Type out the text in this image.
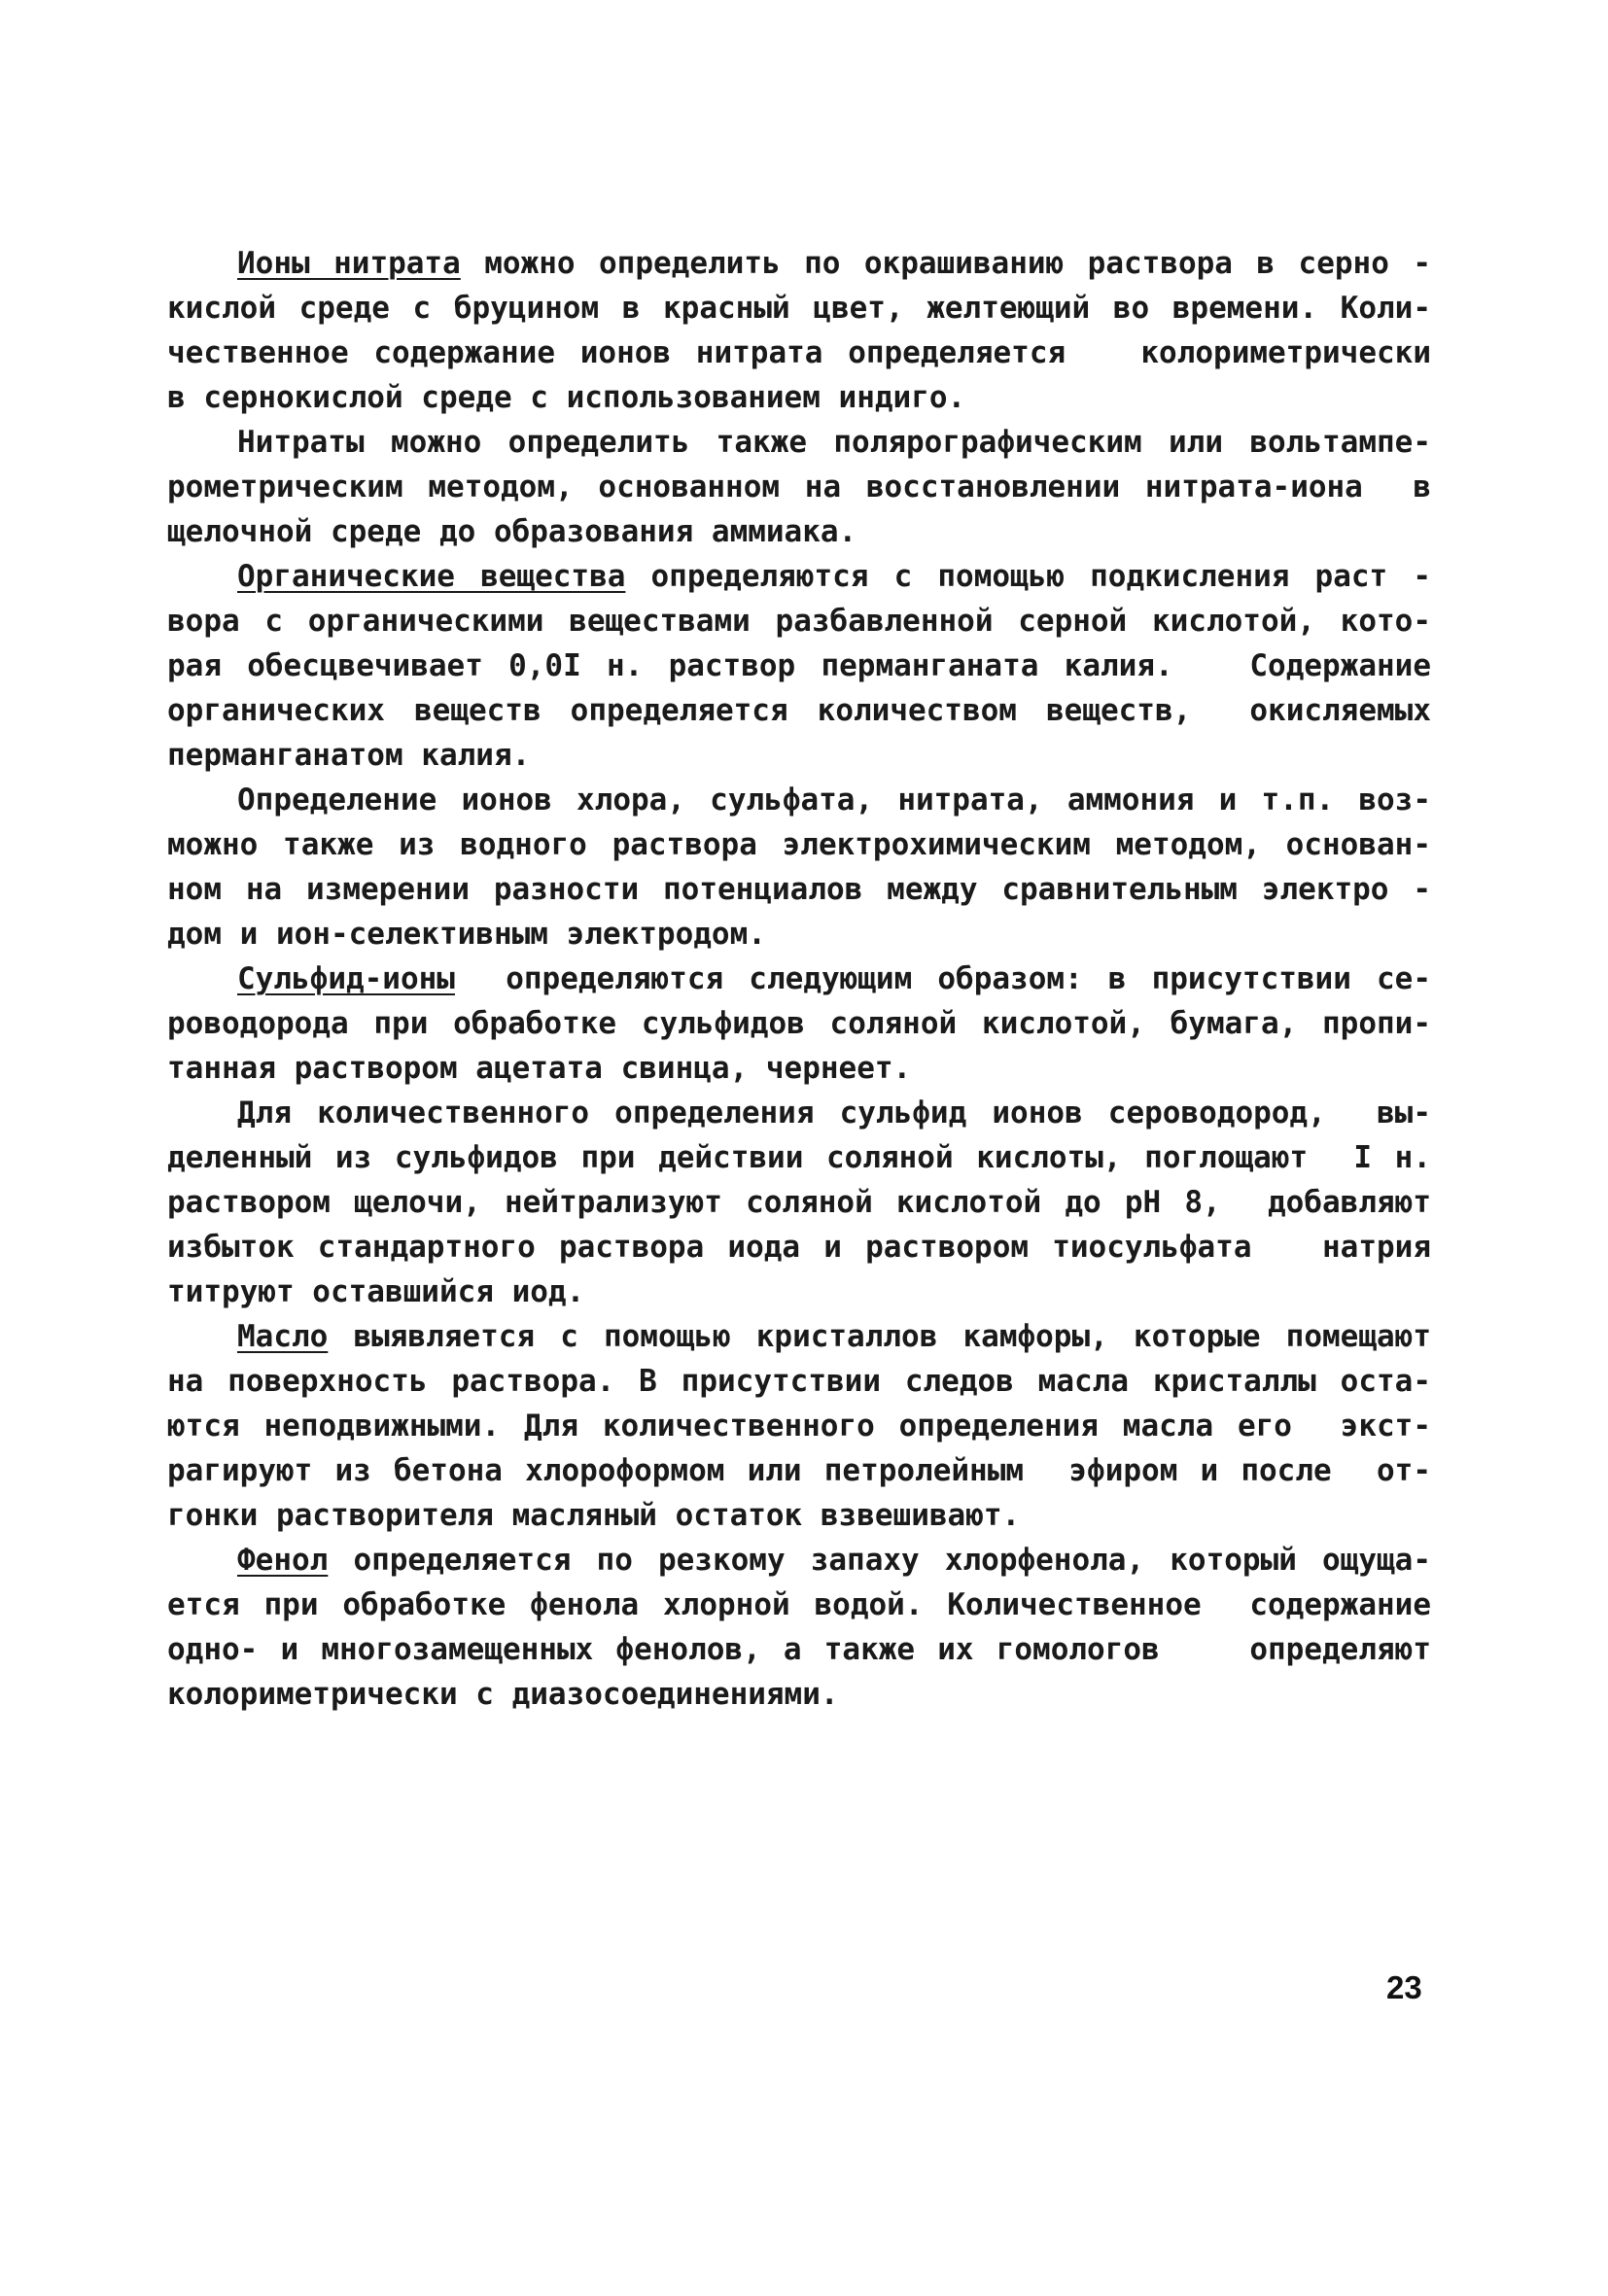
Ионы нитрата можно определить по окрашиванию раствора в серно -
кислой среде с бруцином в красный цвет, желтеющий во времени. Коли-
чественное содержание ионов нитрата определяется   колориметрически
в сернокислой среде с использованием индиго.
Нитраты можно определить также полярографическим или вольтампе-
рометрическим методом, основанном на восстановлении нитрата-иона  в
щелочной среде до образования аммиака.
Органические вещества определяются с помощью подкисления раст -
вора с органическими веществами разбавленной серной кислотой, кото-
рая обесцвечивает 0,0I н. раствор перманганата калия.   Содержание
органических веществ определяется количеством веществ,  окисляемых
перманганатом калия.
Определение ионов хлора, сульфата, нитрата, аммония и т.п. воз-
можно также из водного раствора электрохимическим методом, основан-
ном на измерении разности потенциалов между сравнительным электро -
дом и ион-селективным электродом.
Сульфид-ионы  определяются следующим образом: в присутствии се-
роводорода при обработке сульфидов соляной кислотой, бумага, пропи-
танная раствором ацетата свинца, чернеет.
Для количественного определения сульфид ионов сероводород,  вы-
деленный из сульфидов при действии соляной кислоты, поглощают  I н.
раствором щелочи, нейтрализуют соляной кислотой до рН 8,  добавляют
избыток стандартного раствора иода и раствором тиосульфата   натрия
титруют оставшийся иод.
Масло выявляется с помощью кристаллов камфоры, которые помещают
на поверхность раствора. В присутствии следов масла кристаллы оста-
ются неподвижными. Для количественного определения масла его  экст-
рагируют из бетона хлороформом или петролейным  эфиром и после  от-
гонки растворителя масляный остаток взвешивают.
Фенол определяется по резкому запаху хлорфенола, который ощуща-
ется при обработке фенола хлорной водой. Количественное  содержание
одно- и многозамещенных фенолов, а также их гомологов    определяют
колориметрически с диазосоединениями.
23
